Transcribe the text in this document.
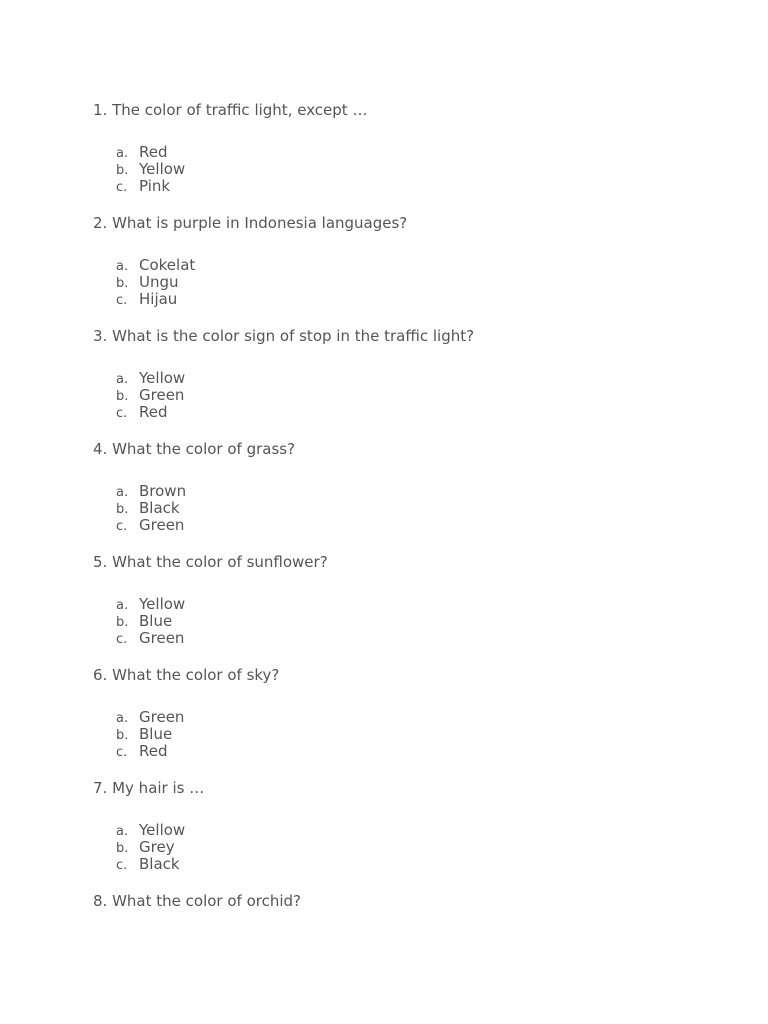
1. The color of traffic light, except …
a. Red
b. Yellow
c. Pink
2. What is purple in Indonesia languages?
a. Cokelat
b. Ungu
c. Hijau
3. What is the color sign of stop in the traffic light?
a. Yellow
b. Green
c. Red
4. What the color of grass?
a. Brown
b. Black
c. Green
5. What the color of sunflower?
a. Yellow
b. Blue
c. Green
6. What the color of sky?
a. Green
b. Blue
c. Red
7. My hair is …
a. Yellow
b. Grey
c. Black
8. What the color of orchid?
